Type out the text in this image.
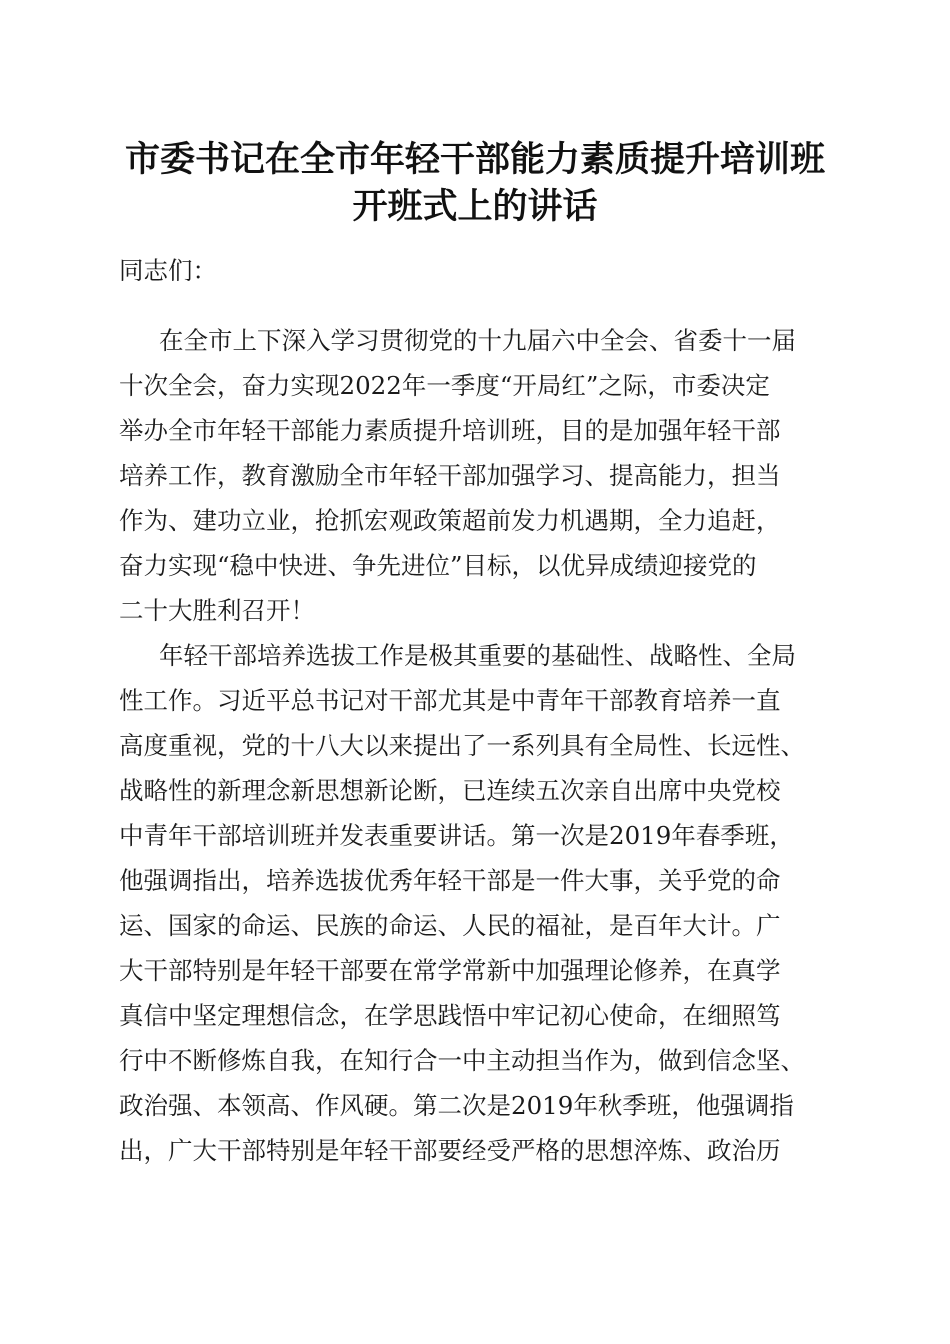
市委书记在全市年轻干部能力素质提升培训班
开班式上的讲话
同志们：
在全市上下深入学习贯彻党的十九届六中全会、省委十一届
十次全会，奋力实现2022年一季度“开局红”之际，市委决定
举办全市年轻干部能力素质提升培训班，目的是加强年轻干部
培养工作，教育激励全市年轻干部加强学习、提高能力，担当
作为、建功立业，抢抓宏观政策超前发力机遇期，全力追赶，
奋力实现“稳中快进、争先进位”目标，以优异成绩迎接党的
二十大胜利召开！
年轻干部培养选拔工作是极其重要的基础性、战略性、全局
性工作。习近平总书记对干部尤其是中青年干部教育培养一直
高度重视，党的十八大以来提出了一系列具有全局性、长远性、
战略性的新理念新思想新论断，已连续五次亲自出席中央党校
中青年干部培训班并发表重要讲话。第一次是2019年春季班，
他强调指出，培养选拔优秀年轻干部是一件大事，关乎党的命
运、国家的命运、民族的命运、人民的福祉，是百年大计。广
大干部特别是年轻干部要在常学常新中加强理论修养，在真学
真信中坚定理想信念，在学思践悟中牢记初心使命，在细照笃
行中不断修炼自我，在知行合一中主动担当作为，做到信念坚、
政治强、本领高、作风硬。第二次是2019年秋季班，他强调指
出，广大干部特别是年轻干部要经受严格的思想淬炼、政治历
